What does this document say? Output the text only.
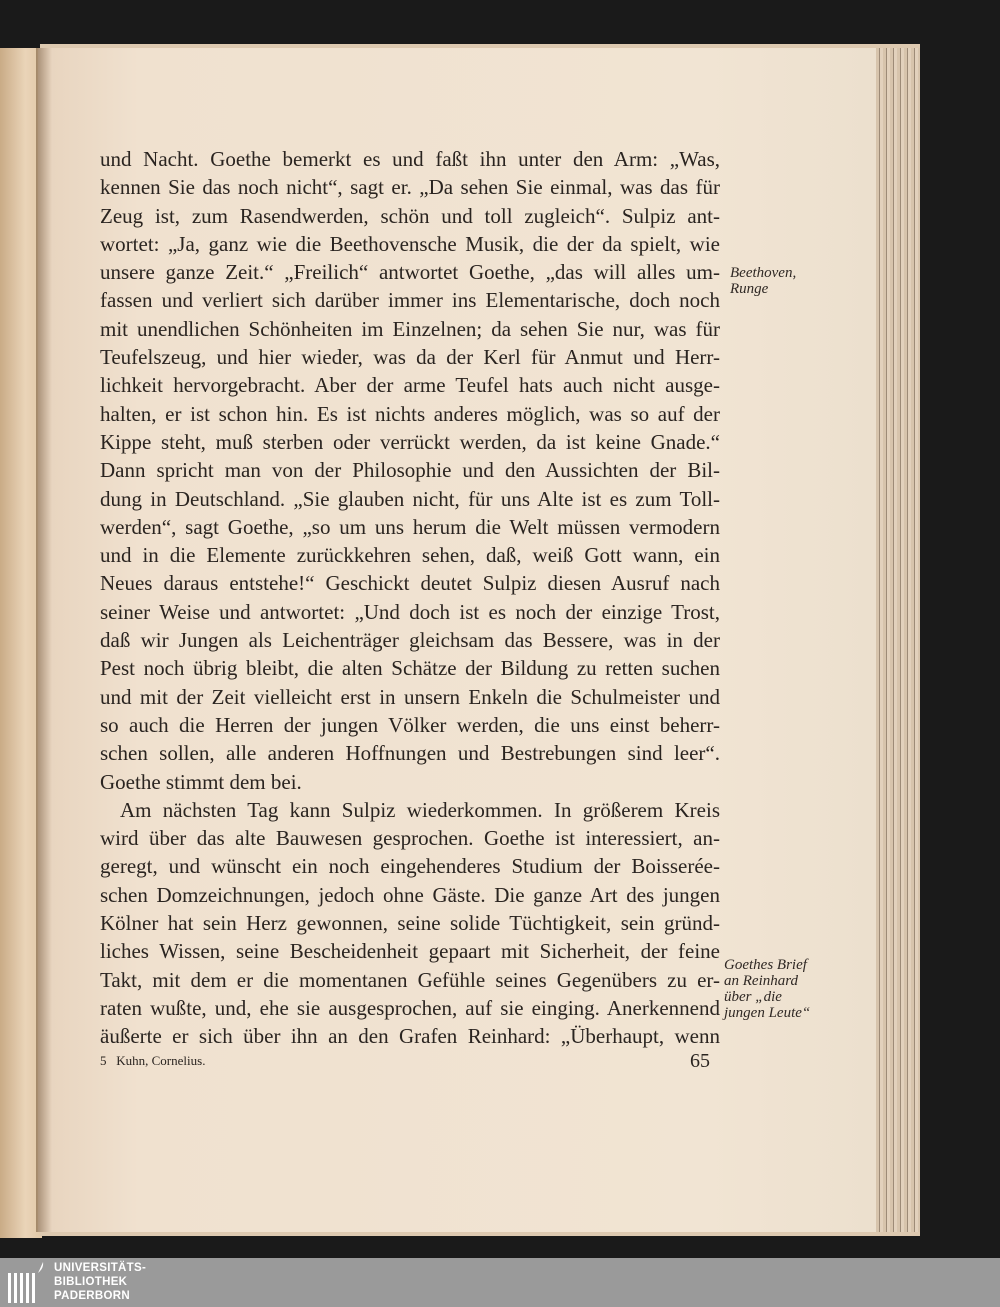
und Nacht. Goethe bemerkt es und faßt ihn unter den Arm: „Was,
kennen Sie das noch nicht“, sagt er. „Da sehen Sie einmal, was das für
Zeug ist, zum Rasendwerden, schön und toll zugleich“. Sulpiz ant-
wortet: „Ja, ganz wie die Beethovensche Musik, die der da spielt, wie
unsere ganze Zeit.“ „Freilich“ antwortet Goethe, „das will alles um-
fassen und verliert sich darüber immer ins Elementarische, doch noch
mit unendlichen Schönheiten im Einzelnen; da sehen Sie nur, was für
Teufelszeug, und hier wieder, was da der Kerl für Anmut und Herr-
lichkeit hervorgebracht. Aber der arme Teufel hats auch nicht ausge-
halten, er ist schon hin. Es ist nichts anderes möglich, was so auf der
Kippe steht, muß sterben oder verrückt werden, da ist keine Gnade.“
Dann spricht man von der Philosophie und den Aussichten der Bil-
dung in Deutschland. „Sie glauben nicht, für uns Alte ist es zum Toll-
werden“, sagt Goethe, „so um uns herum die Welt müssen vermodern
und in die Elemente zurückkehren sehen, daß, weiß Gott wann, ein
Neues daraus entstehe!“ Geschickt deutet Sulpiz diesen Ausruf nach
seiner Weise und antwortet: „Und doch ist es noch der einzige Trost,
daß wir Jungen als Leichenträger gleichsam das Bessere, was in der
Pest noch übrig bleibt, die alten Schätze der Bildung zu retten suchen
und mit der Zeit vielleicht erst in unsern Enkeln die Schulmeister und
so auch die Herren der jungen Völker werden, die uns einst beherr-
schen sollen, alle anderen Hoffnungen und Bestrebungen sind leer“.
Goethe stimmt dem bei.
Am nächsten Tag kann Sulpiz wiederkommen. In größerem Kreis
wird über das alte Bauwesen gesprochen. Goethe ist interessiert, an-
geregt, und wünscht ein noch eingehenderes Studium der Boisserée-
schen Domzeichnungen, jedoch ohne Gäste. Die ganze Art des jungen
Kölner hat sein Herz gewonnen, seine solide Tüchtigkeit, sein gründ-
liches Wissen, seine Bescheidenheit gepaart mit Sicherheit, der feine
Takt, mit dem er die momentanen Gefühle seines Gegenübers zu er-
raten wußte, und, ehe sie ausgesprochen, auf sie einging. Anerkennend
äußerte er sich über ihn an den Grafen Reinhard: „Überhaupt, wenn
Beethoven,
Runge
Goethes Brief
an Reinhard
über „die
jungen Leute“
5   Kuhn, Cornelius.	65
UNIVERSITÄTS-
BIBLIOTHEK
PADERBORN
